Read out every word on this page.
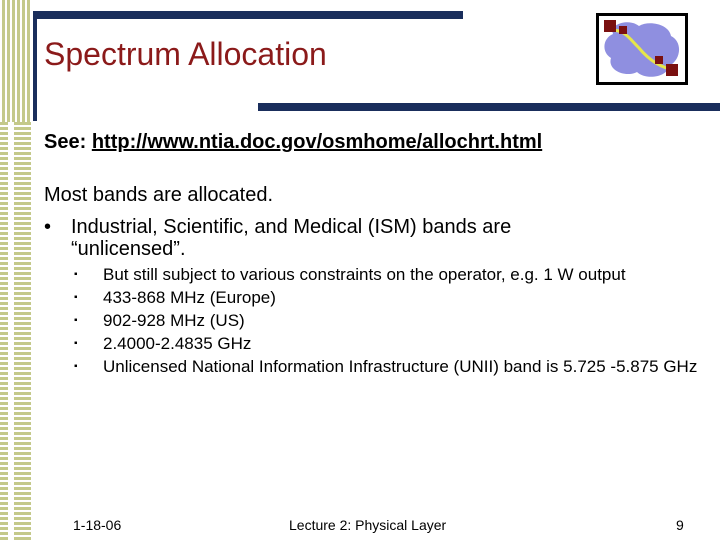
Spectrum Allocation
See: http://www.ntia.doc.gov/osmhome/allochrt.html
Most bands are allocated.
• Industrial, Scientific, and Medical (ISM) bands are “unlicensed”.
▪	But still subject to various constraints on the operator, e.g. 1 W output
▪	433-868 MHz (Europe)
▪	902-928 MHz (US)
▪	2.4000-2.4835 GHz
▪	Unlicensed National Information Infrastructure (UNII) band is 5.725 -5.875 GHz
1-18-06	Lecture 2: Physical Layer	9
